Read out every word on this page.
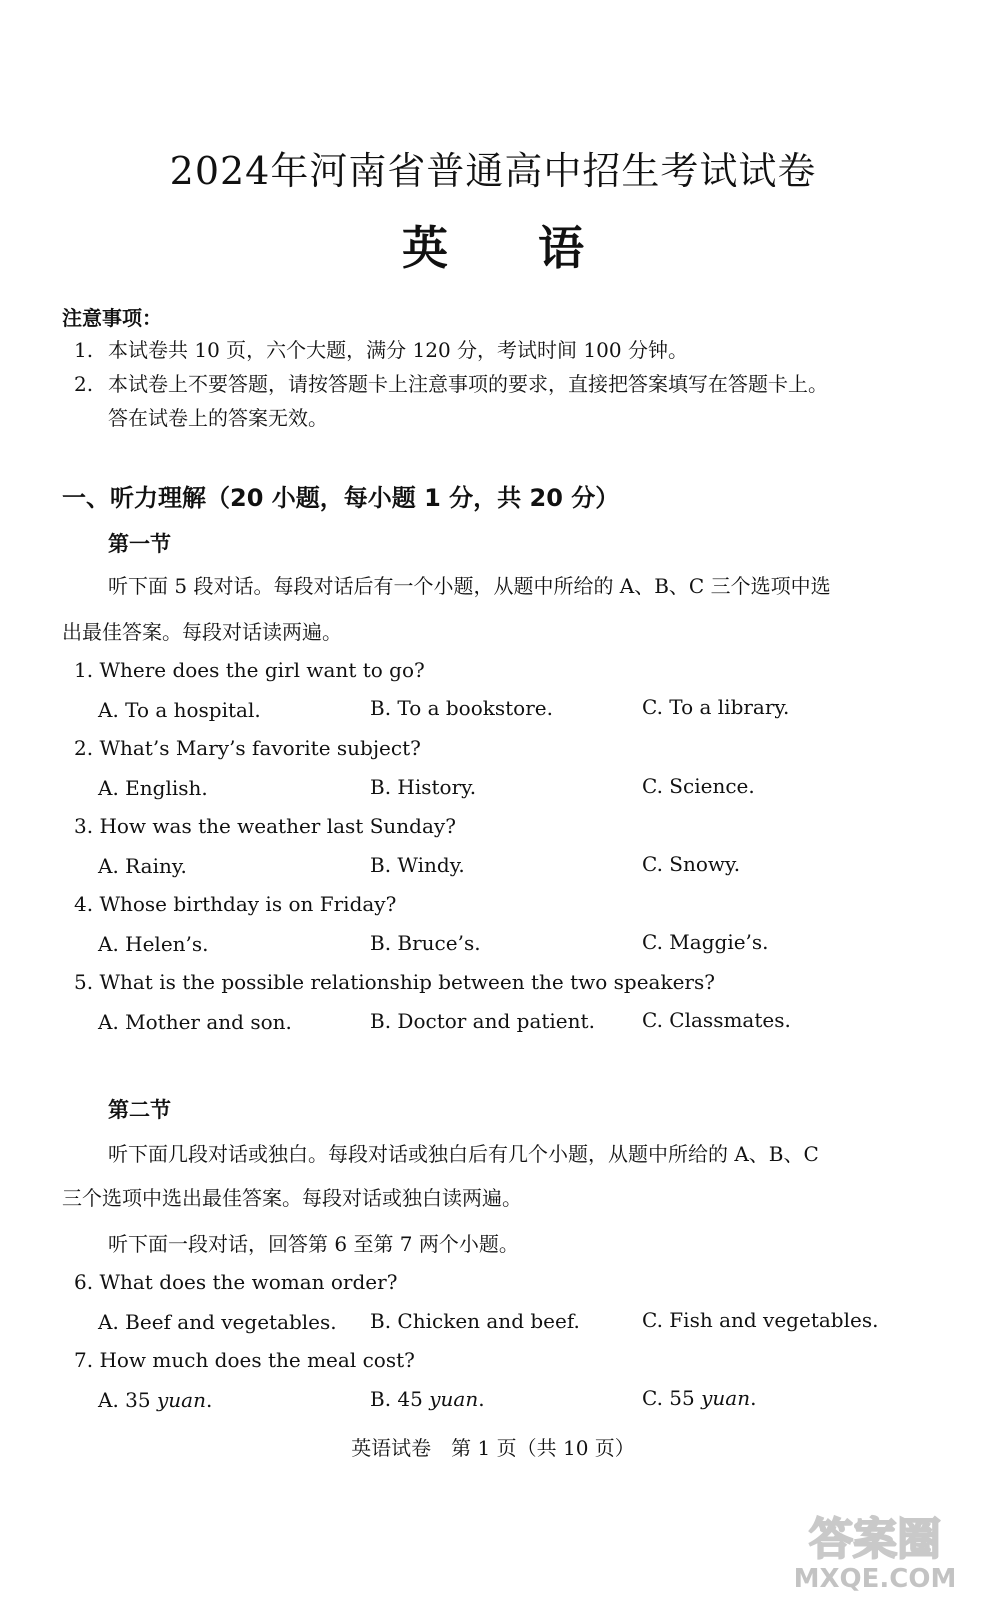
2024年河南省普通高中招生考试试卷
英语
注意事项：
1. 本试卷共 10 页，六个大题，满分 120 分，考试时间 100 分钟。
2. 本试卷上不要答题，请按答题卡上注意事项的要求，直接把答案填写在答题卡上。
答在试卷上的答案无效。
一、听力理解（20 小题，每小题 1 分，共 20 分）
第一节
听下面 5 段对话。每段对话后有一个小题，从题中所给的 A、B、C 三个选项中选
出最佳答案。每段对话读两遍。
1. Where does the girl want to go?
A. To a hospital.	B. To a bookstore.	C. To a library.
2. What’s Mary’s favorite subject?
A. English.	B. History.	C. Science.
3. How was the weather last Sunday?
A. Rainy.	B. Windy.	C. Snowy.
4. Whose birthday is on Friday?
A. Helen’s.	B. Bruce’s.	C. Maggie’s.
5. What is the possible relationship between the two speakers?
A. Mother and son.	B. Doctor and patient. C. Classmates.
第二节
听下面几段对话或独白。每段对话或独白后有几个小题，从题中所给的 A、B、C
三个选项中选出最佳答案。每段对话或独白读两遍。
听下面一段对话，回答第 6 至第 7 两个小题。
6. What does the woman order?
A. Beef and vegetables. B. Chicken and beef.	C. Fish and vegetables.
7. How much does the meal cost?
A. 35 yuan.	B. 45 yuan.	C. 55 yuan.
英语试卷　第 1 页（共 10 页）
答案圈
MXQE.COM
